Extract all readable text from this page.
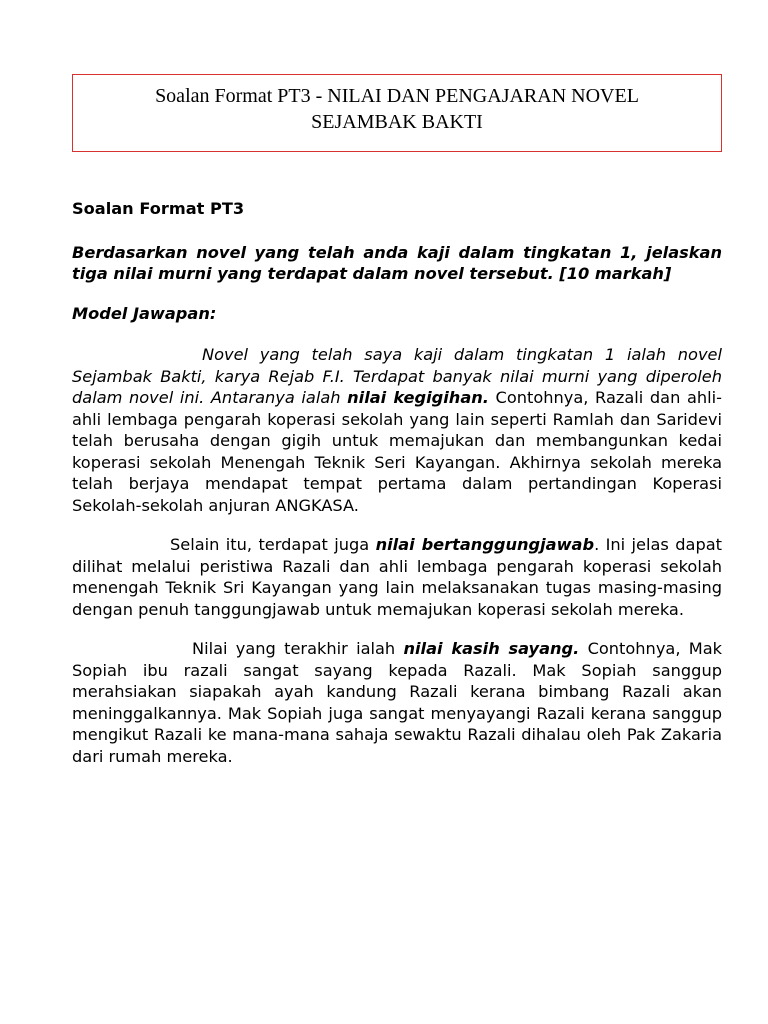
Soalan Format PT3 - NILAI DAN PENGAJARAN NOVEL
SEJAMBAK BAKTI

Soalan Format PT3

Berdasarkan novel yang telah anda kaji dalam tingkatan 1, jelaskan tiga nilai murni yang terdapat dalam novel tersebut. [10 markah]

Model Jawapan:

Novel yang telah saya kaji dalam tingkatan 1 ialah novel Sejambak Bakti, karya Rejab F.I. Terdapat banyak nilai murni yang diperoleh dalam novel ini. Antaranya ialah nilai kegigihan. Contohnya, Razali dan ahli-ahli lembaga pengarah koperasi sekolah yang lain seperti Ramlah dan Saridevi telah berusaha dengan gigih untuk memajukan dan membangunkan kedai koperasi sekolah Menengah Teknik Seri Kayangan. Akhirnya sekolah mereka telah berjaya mendapat tempat pertama dalam pertandingan Koperasi Sekolah-sekolah anjuran ANGKASA.

Selain itu, terdapat juga nilai bertanggungjawab. Ini jelas dapat dilihat melalui peristiwa Razali dan ahli lembaga pengarah koperasi sekolah menengah Teknik Sri Kayangan yang lain melaksanakan tugas masing-masing dengan penuh tanggungjawab untuk memajukan koperasi sekolah mereka.

Nilai yang terakhir ialah nilai kasih sayang. Contohnya, Mak Sopiah ibu razali sangat sayang kepada Razali. Mak Sopiah sanggup merahsiakan siapakah ayah kandung Razali kerana bimbang Razali akan meninggalkannya. Mak Sopiah juga sangat menyayangi Razali kerana sanggup mengikut Razali ke mana-mana sahaja sewaktu Razali dihalau oleh Pak Zakaria dari rumah mereka.
